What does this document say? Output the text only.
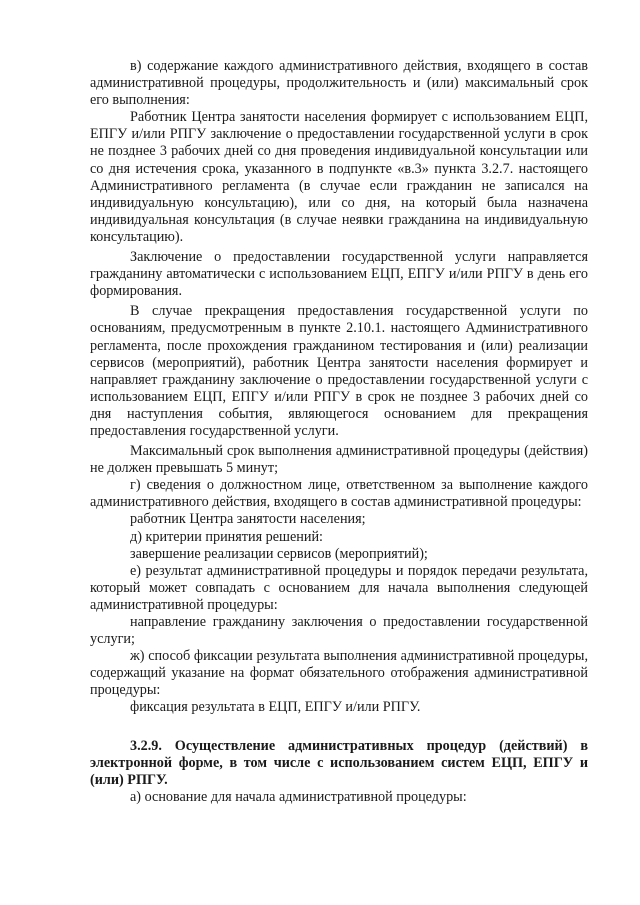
в) содержание каждого административного действия, входящего в состав административной процедуры, продолжительность и (или) максимальный срок его выполнения:

Работник Центра занятости населения формирует с использованием ЕЦП, ЕПГУ и/или РПГУ заключение о предоставлении государственной услуги в срок не позднее 3 рабочих дней со дня проведения индивидуальной консультации или со дня истечения срока, указанного в подпункте «в.3» пункта 3.2.7. настоящего Административного регламента (в случае если гражданин не записался на индивидуальную консультацию), или со дня, на который была назначена индивидуальная консультация (в случае неявки гражданина на индивидуальную консультацию).

Заключение о предоставлении государственной услуги направляется гражданину автоматически с использованием ЕЦП, ЕПГУ и/или РПГУ в день его формирования.

В случае прекращения предоставления государственной услуги по основаниям, предусмотренным в пункте 2.10.1. настоящего Административного регламента, после прохождения гражданином тестирования и (или) реализации сервисов (мероприятий), работник Центра занятости населения формирует и направляет гражданину заключение о предоставлении государственной услуги с использованием ЕЦП, ЕПГУ и/или РПГУ в срок не позднее 3 рабочих дней со дня наступления события, являющегося основанием для прекращения предоставления государственной услуги.

Максимальный срок выполнения административной процедуры (действия) не должен превышать 5 минут;

г) сведения о должностном лице, ответственном за выполнение каждого административного действия, входящего в состав административной процедуры:

работник Центра занятости населения;

д) критерии принятия решений:

завершение реализации сервисов (мероприятий);

е) результат административной процедуры и порядок передачи результата, который может совпадать с основанием для начала выполнения следующей административной процедуры:

направление гражданину заключения о предоставлении государственной услуги;

ж) способ фиксации результата выполнения административной процедуры, содержащий указание на формат обязательного отображения административной процедуры:

фиксация результата в ЕЦП, ЕПГУ и/или РПГУ.

3.2.9. Осуществление административных процедур (действий) в электронной форме, в том числе с использованием систем ЕЦП, ЕПГУ и (или) РПГУ.

а) основание для начала административной процедуры:
